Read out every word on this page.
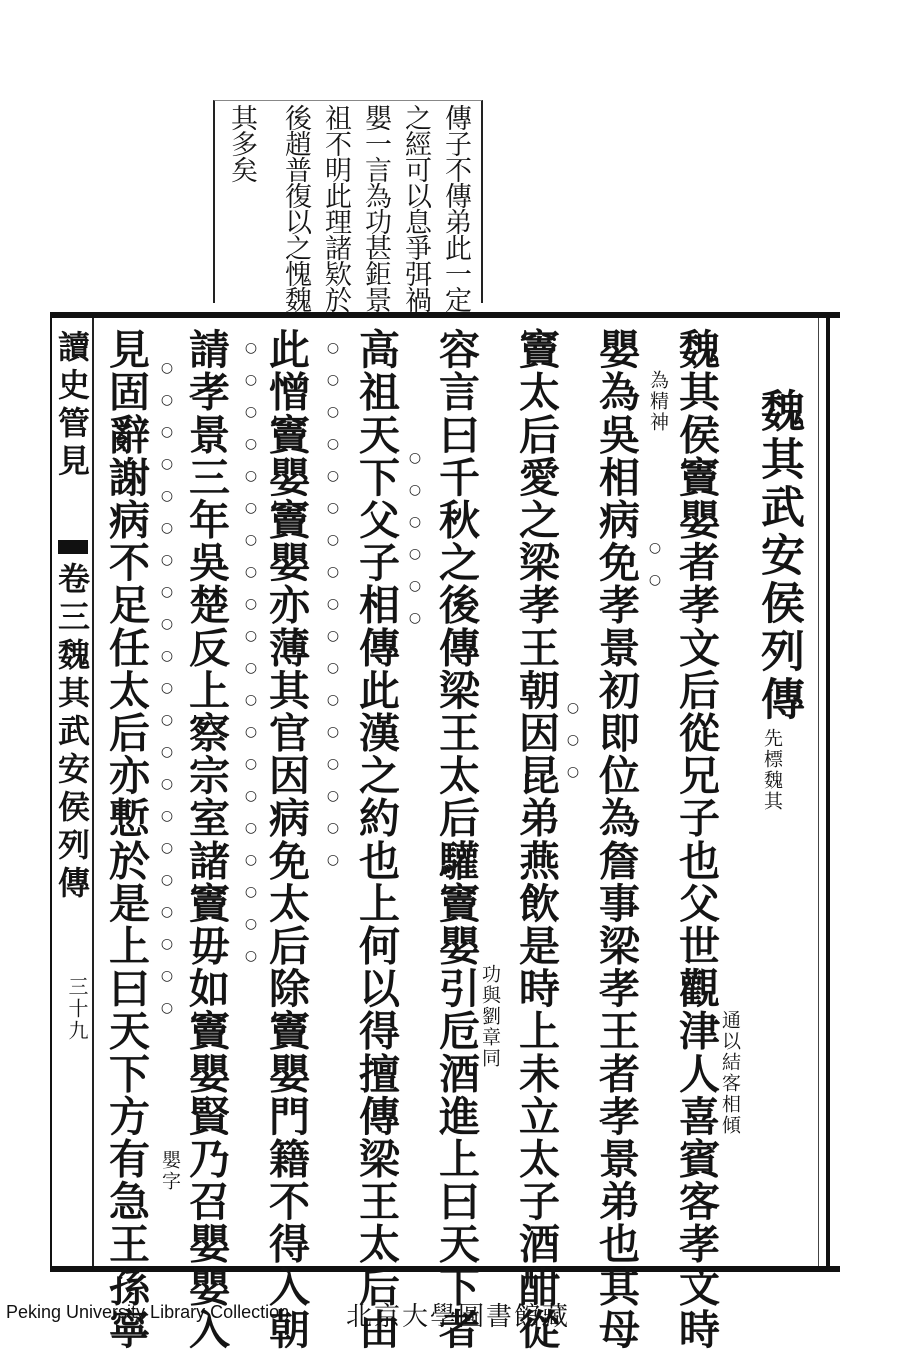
傳子不傳弟此一定
之經可以息爭弭禍
嬰一言為功甚鉅景
祖不明此理諸欵於
後趙普復以之愧魏
其多矣
讀史管見
卷三魏其武安侯列傳
三十九
魏其武安侯列傳
先標魏其
魏其侯竇嬰者孝文后從兄子也父世觀津人喜賓客孝文時
嬰為吳相病免孝景初即位為詹事梁孝王者孝景弟也其母
竇太后愛之梁孝王朝因昆弟燕飲是時上未立太子酒酣從
容言曰千秋之後傳梁王太后驩竇嬰引卮酒進上曰天下者
高祖天下父子相傳此漢之約也上何以得擅傳梁王太后由
此憎竇嬰竇嬰亦薄其官因病免太后除竇嬰門籍不得入朝
請孝景三年吳楚反上察宗室諸竇毋如竇嬰賢乃召嬰嬰入
見固辭謝病不足任太后亦慙於是上曰天下方有急王孫寧	通以結客相傾
為精神
功與劉章同
嬰字
○○
○○○
○○○○○○
○○○○○○○○○○○○○○○○○
○○○○○○○○○○○○○○○○○○○○
○○○○○○○○○○○○○○○○○○○○○
Peking University Library Collection 北京大學圖書館藏
